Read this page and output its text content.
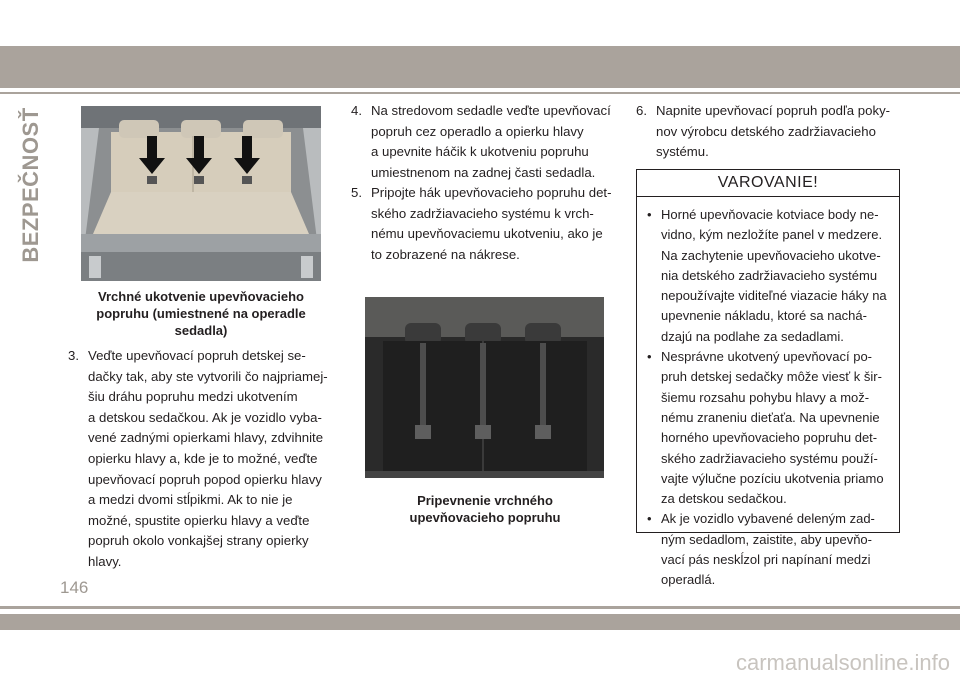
BEZPEČNOSŤ
Vrchné ukotvenie upevňovacieho
popruhu (umiestnené na operadle
sedadla)
3. Veďte upevňovací popruh detskej se-
dačky tak, aby ste vytvorili čo najpriamej-
šiu dráhu popruhu medzi ukotvením
a detskou sedačkou. Ak je vozidlo vyba-
vené zadnými opierkami hlavy, zdvihnite
opierku hlavy a, kde je to možné, veďte
upevňovací popruh popod opierku hlavy
a medzi dvomi stĺpikmi. Ak to nie je
možné, spustite opierku hlavy a veďte
popruh okolo vonkajšej strany opierky
hlavy.
4. Na stredovom sedadle veďte upevňovací
popruh cez operadlo a opierku hlavy
a upevnite háčik k ukotveniu popruhu
umiestnenom na zadnej časti sedadla.
5. Pripojte hák upevňovacieho popruhu det-
ského zadržiavacieho systému k vrch-
nému upevňovaciemu ukotveniu, ako je
to zobrazené na nákrese.
Pripevnenie vrchného
upevňovacieho popruhu
6. Napnite upevňovací popruh podľa poky-
nov výrobcu detského zadržiavacieho
systému.
VAROVANIE!
• Horné upevňovacie kotviace body ne-
vidno, kým nezložíte panel v medzere.
Na zachytenie upevňovacieho ukotve-
nia detského zadržiavacieho systému
nepoužívajte viditeľné viazacie háky na
upevnenie nákladu, ktoré sa nachá-
dzajú na podlahe za sedadlami.
• Nesprávne ukotvený upevňovací po-
pruh detskej sedačky môže viesť k šir-
šiemu rozsahu pohybu hlavy a mož-
nému zraneniu dieťaťa. Na upevnenie
horného upevňovacieho popruhu det-
ského zadržiavacieho systému použí-
vajte výlučne pozíciu ukotvenia priamo
za detskou sedačkou.
• Ak je vozidlo vybavené deleným zad-
ným sedadlom, zaistite, aby upevňo-
vací pás neskĺzol pri napínaní medzi
operadlá.
146
carmanualsonline.info
